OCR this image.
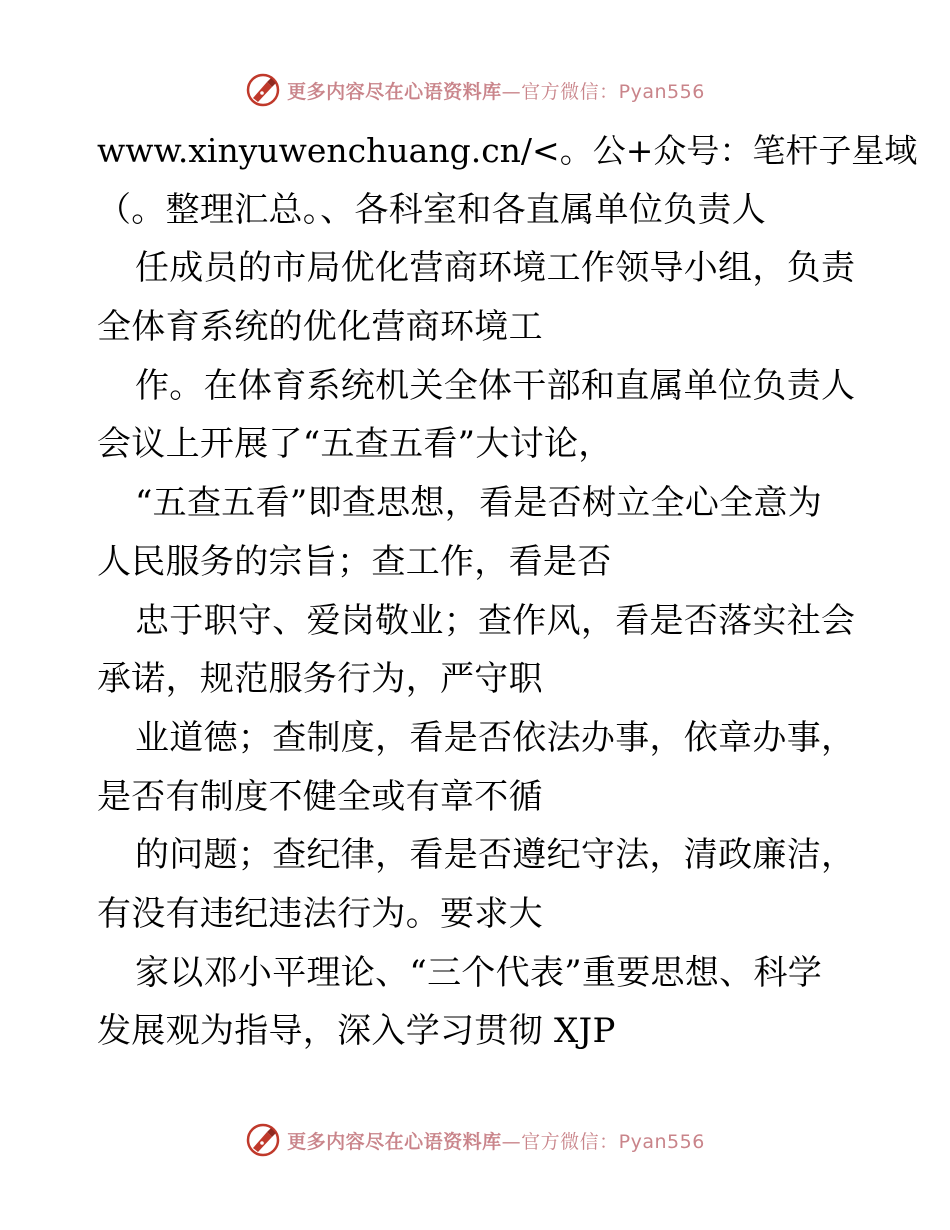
更多内容尽在心语资料库—官方微信：Pyan556
www.xinyuwenchuang.cn/<。公+众号：笔杆子星域
（。整理汇总。、各科室和各直属单位负责人
任成员的市局优化营商环境工作领导小组，负责
全体育系统的优化营商环境工
作。在体育系统机关全体干部和直属单位负责人
会议上开展了“五查五看”大讨论，
“五查五看”即查思想，看是否树立全心全意为
人民服务的宗旨；查工作，看是否
忠于职守、爱岗敬业；查作风，看是否落实社会
承诺，规范服务行为，严守职
业道德；查制度，看是否依法办事，依章办事，
是否有制度不健全或有章不循
的问题；查纪律，看是否遵纪守法，清政廉洁，
有没有违纪违法行为。要求大
家以邓小平理论、“三个代表”重要思想、科学
发展观为指导，深入学习贯彻 XJP
更多内容尽在心语资料库—官方微信：Pyan556
